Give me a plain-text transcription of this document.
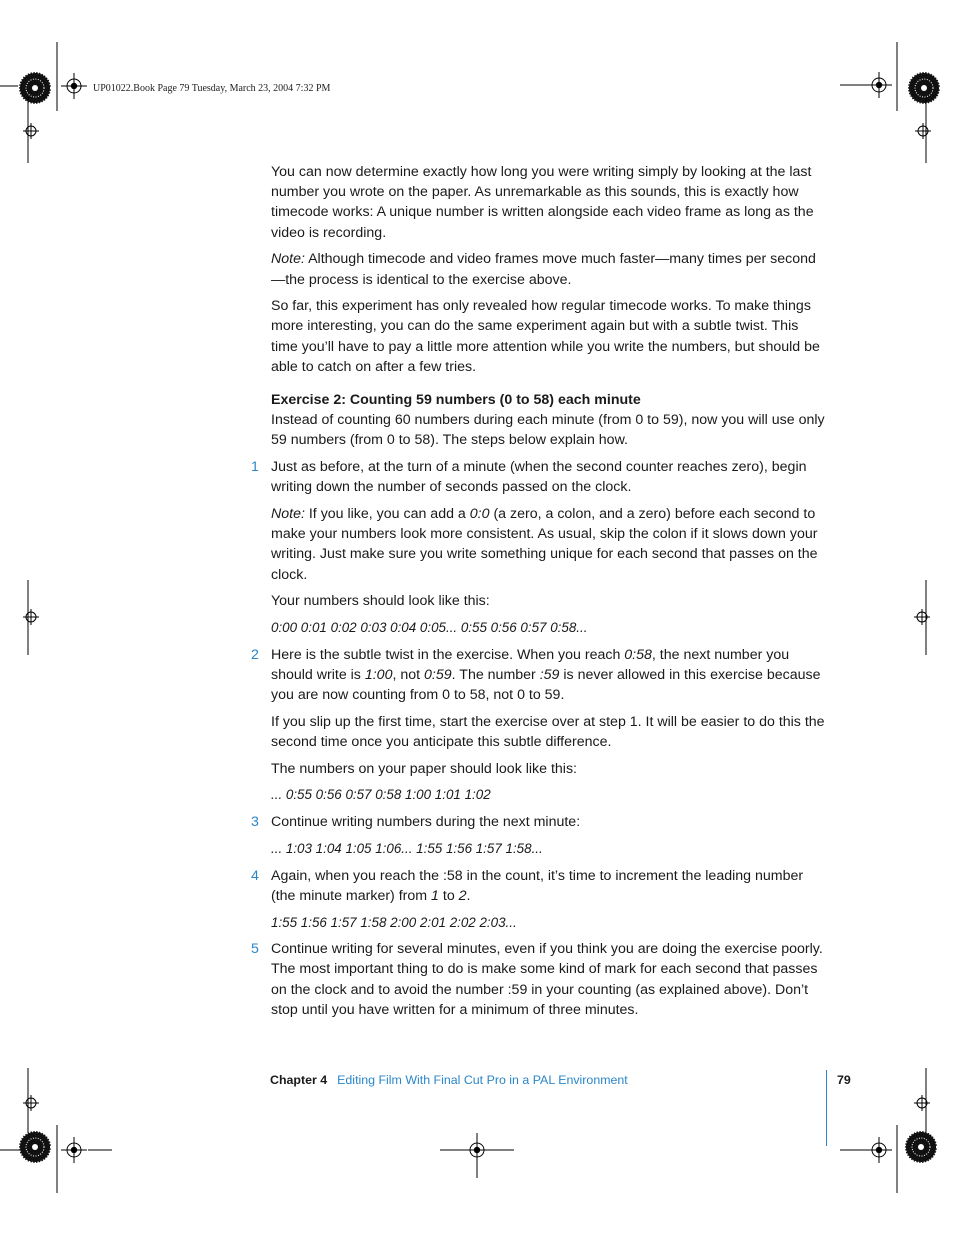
UP01022.Book Page 79 Tuesday, March 23, 2004 7:32 PM

You can now determine exactly how long you were writing simply by looking at the last number you wrote on the paper. As unremarkable as this sounds, this is exactly how timecode works: A unique number is written alongside each video frame as long as the video is recording.

Note: Although timecode and video frames move much faster—many times per second—the process is identical to the exercise above.

So far, this experiment has only revealed how regular timecode works. To make things more interesting, you can do the same experiment again but with a subtle twist. This time you’ll have to pay a little more attention while you write the numbers, but should be able to catch on after a few tries.

Exercise 2: Counting 59 numbers (0 to 58) each minute

Instead of counting 60 numbers during each minute (from 0 to 59), now you will use only 59 numbers (from 0 to 58). The steps below explain how.

1 Just as before, at the turn of a minute (when the second counter reaches zero), begin writing down the number of seconds passed on the clock.

Note: If you like, you can add a 0:0 (a zero, a colon, and a zero) before each second to make your numbers look more consistent. As usual, skip the colon if it slows down your writing. Just make sure you write something unique for each second that passes on the clock.

Your numbers should look like this:

0:00 0:01 0:02 0:03 0:04 0:05... 0:55 0:56 0:57 0:58...

2 Here is the subtle twist in the exercise. When you reach 0:58, the next number you should write is 1:00, not 0:59. The number :59 is never allowed in this exercise because you are now counting from 0 to 58, not 0 to 59.

If you slip up the first time, start the exercise over at step 1. It will be easier to do this the second time once you anticipate this subtle difference.

The numbers on your paper should look like this:

... 0:55 0:56 0:57 0:58 1:00 1:01 1:02

3 Continue writing numbers during the next minute:

... 1:03 1:04 1:05 1:06... 1:55 1:56 1:57 1:58...

4 Again, when you reach the :58 in the count, it’s time to increment the leading number (the minute marker) from 1 to 2.

1:55 1:56 1:57 1:58 2:00 2:01 2:02 2:03...

5 Continue writing for several minutes, even if you think you are doing the exercise poorly. The most important thing to do is make some kind of mark for each second that passes on the clock and to avoid the number :59 in your counting (as explained above). Don’t stop until you have written for a minimum of three minutes.

Chapter 4 Editing Film With Final Cut Pro in a PAL Environment	79
